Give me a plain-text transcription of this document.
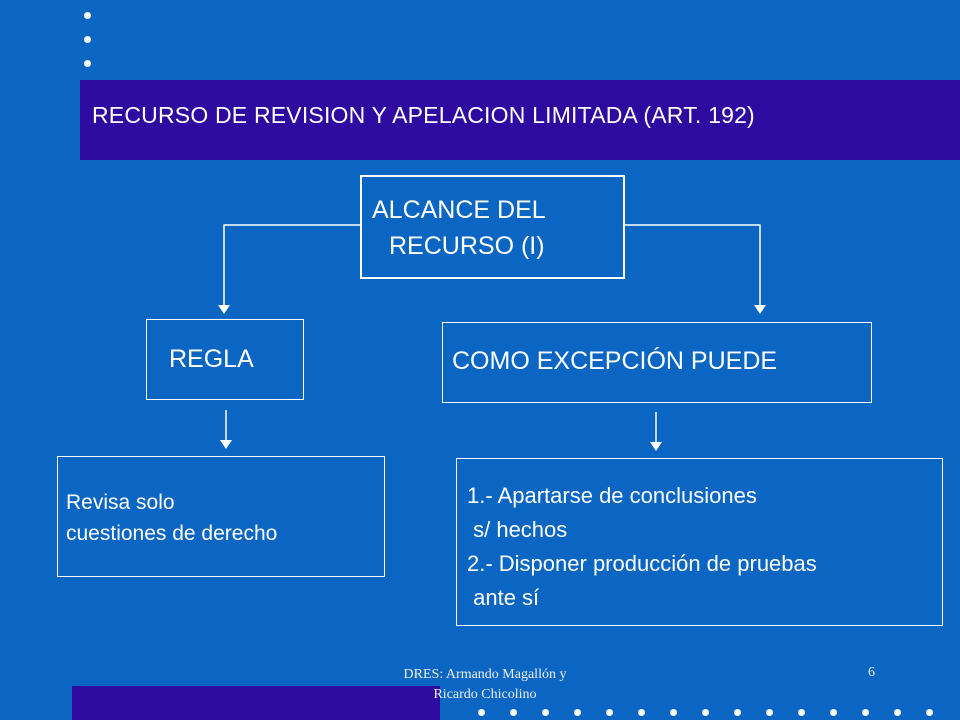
RECURSO DE REVISION Y APELACION LIMITADA (ART. 192)
ALCANCE DEL
RECURSO (I)
REGLA	COMO EXCEPCIÓN PUEDE
Revisa solo
cuestiones de derecho
1.- Apartarse de conclusiones
s/ hechos
2.- Disponer producción de pruebas
ante sí
DRES: Armando Magallón y
Ricardo Chicolino
6
